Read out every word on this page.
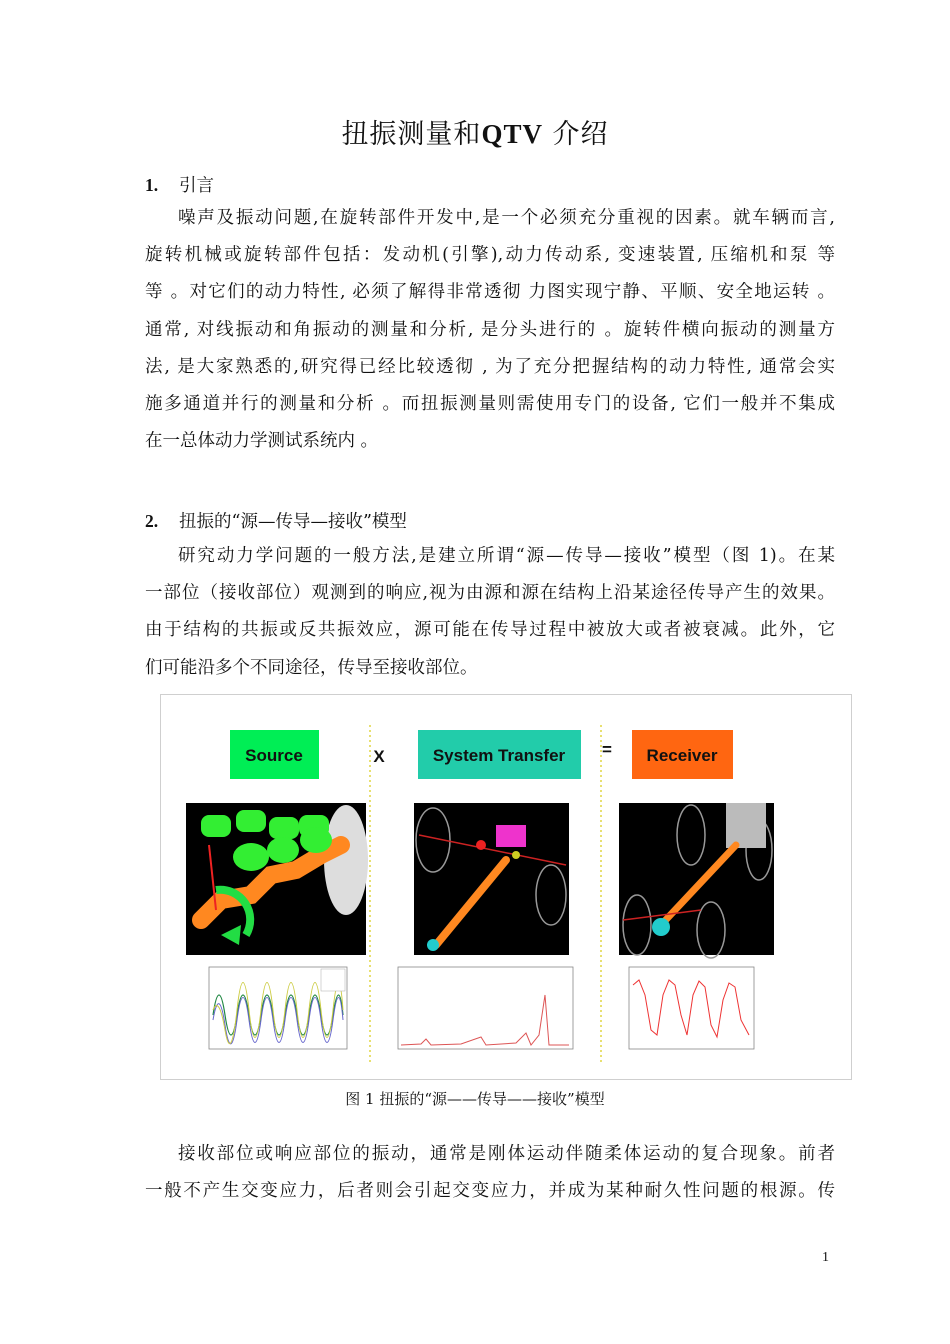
扭振测量和QTV 介绍
1. 引言
噪声及振动问题,在旋转部件开发中,是一个必须充分重视的因素。就车辆而言,
旋转机械或旋转部件包括：发动机(引擎),动力传动系, 变速装置, 压缩机和泵 等
等 。对它们的动力特性, 必须了解得非常透彻 力图实现宁静、平顺、安全地运转 。
通常, 对线振动和角振动的测量和分析, 是分头进行的 。旋转件横向振动的测量方
法, 是大家熟悉的,研究得已经比较透彻 , 为了充分把握结构的动力特性, 通常会实
施多通道并行的测量和分析 。而扭振测量则需使用专门的设备, 它们一般并不集成
在一总体动力学测试系统内 。
2. 扭振的“源—传导—接收”模型
研究动力学问题的一般方法,是建立所谓“源—传导—接收”模型（图 1)。在某
一部位（接收部位）观测到的响应,视为由源和源在结构上沿某途径传导产生的效果。
由于结构的共振或反共振效应，源可能在传导过程中被放大或者被衰减。此外，它
们可能沿多个不同途径，传导至接收部位。
Source	X	System Transfer = Receiver
图 1 扭振的“源——传导——接收”模型
接收部位或响应部位的振动，通常是刚体运动伴随柔体运动的复合现象。前者
一般不产生交变应力，后者则会引起交变应力，并成为某种耐久性问题的根源。传
1
